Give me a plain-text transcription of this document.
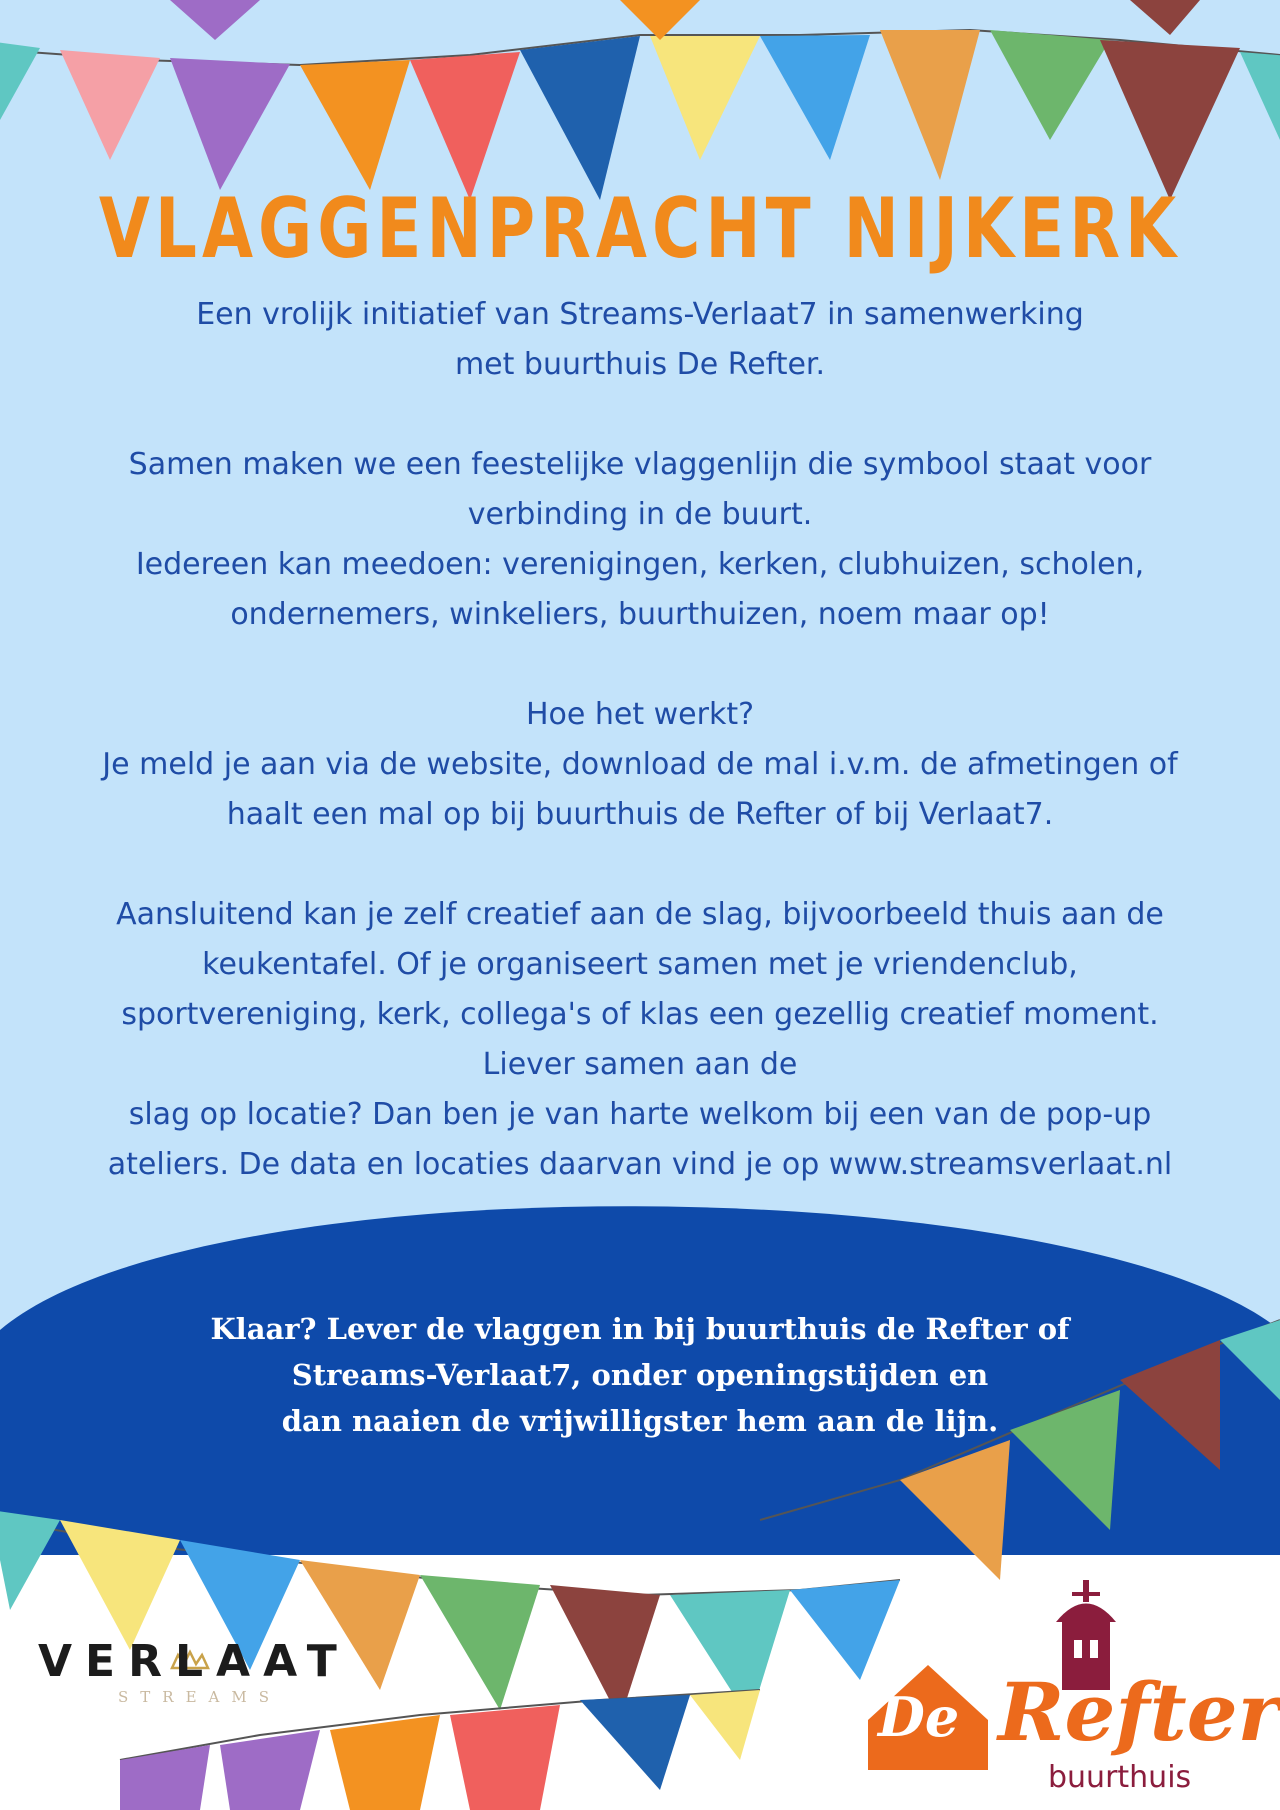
VLAGGENPRACHT NIJKERK

Een vrolijk initiatief van Streams-Verlaat7 in samenwerking

met buurthuis De Refter.

Samen maken we een feestelijke vlaggenlijn die symbool staat voor

verbinding in de buurt.

Iedereen kan meedoen: verenigingen, kerken, clubhuizen, scholen,

ondernemers, winkeliers, buurthuizen, noem maar op!

Hoe het werkt?

Je meld je aan via de website, download de mal i.v.m. de afmetingen of

haalt een mal op bij buurthuis de Refter of bij Verlaat7.

Aansluitend kan je zelf creatief aan de slag, bijvoorbeeld thuis aan de

keukentafel. Of je organiseert samen met je vriendenclub,

sportvereniging, kerk, collega's of klas een gezellig creatief moment.

Liever samen aan de

slag op locatie? Dan ben je van harte welkom bij een van de pop-up

ateliers. De data en locaties daarvan vind je op www.streamsverlaat.nl

Klaar? Lever de vlaggen in bij buurthuis de Refter of

Streams-Verlaat7, onder openingstijden en

dan naaien de vrijwilligster hem aan de lijn.

VERLAAT
STREAMS	De Refter
buurthuis
